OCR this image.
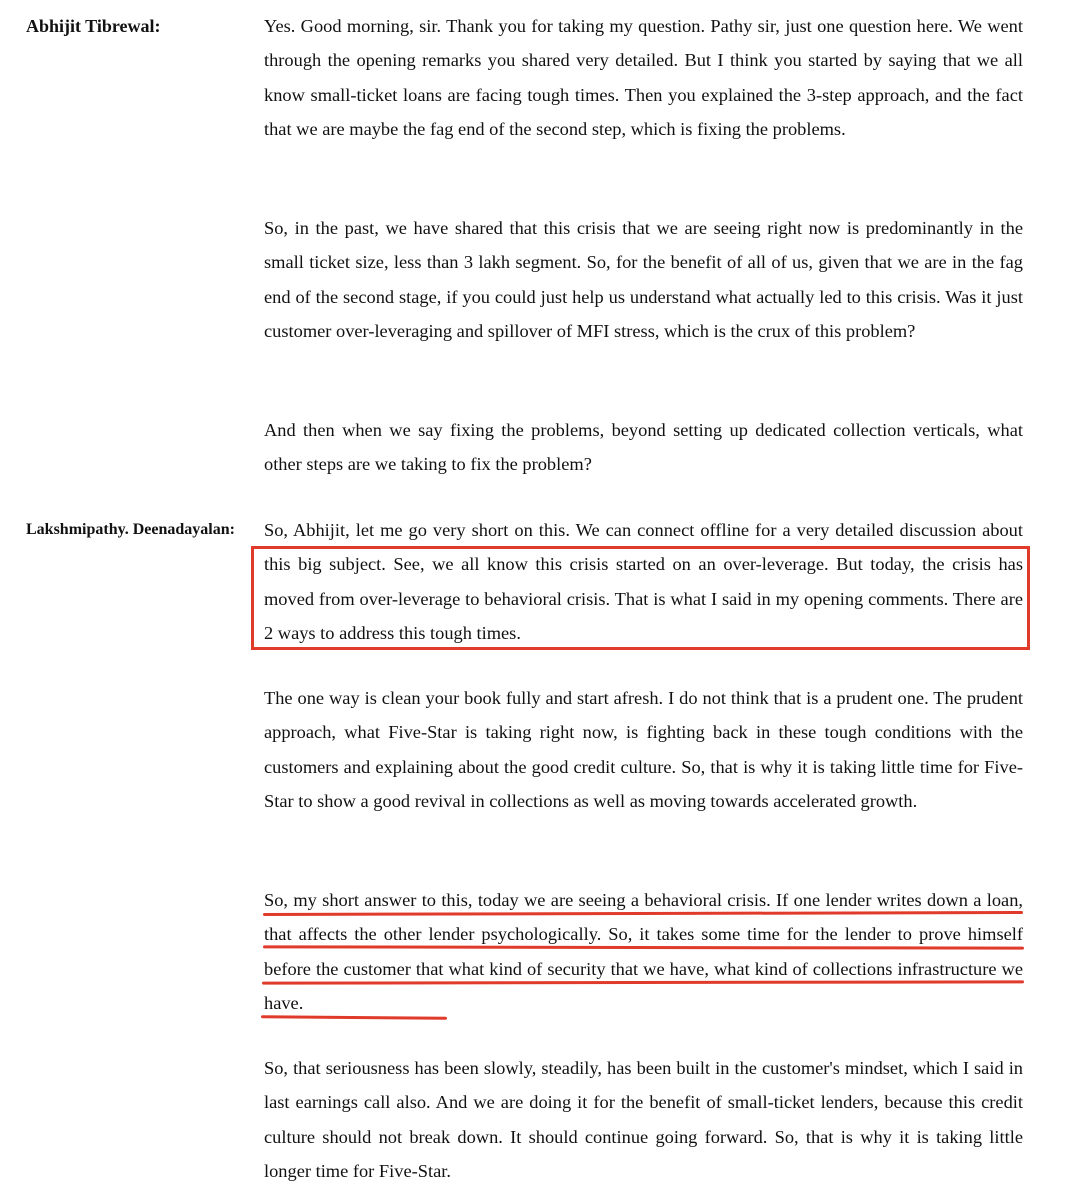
Abhijit Tibrewal:	Yes. Good morning, sir. Thank you for taking my question. Pathy sir, just one question here. We went through the opening remarks you shared very detailed. But I think you started by saying that we all know small-ticket loans are facing tough times. Then you explained the 3-step approach, and the fact that we are maybe the fag end of the second step, which is fixing the problems.

So, in the past, we have shared that this crisis that we are seeing right now is predominantly in the small ticket size, less than 3 lakh segment. So, for the benefit of all of us, given that we are in the fag end of the second stage, if you could just help us understand what actually led to this crisis. Was it just customer over-leveraging and spillover of MFI stress, which is the crux of this problem?

And then when we say fixing the problems, beyond setting up dedicated collection verticals, what other steps are we taking to fix the problem?

Lakshmipathy. Deenadayalan: So, Abhijit, let me go very short on this. We can connect offline for a very detailed discussion about this big subject. See, we all know this crisis started on an over-leverage. But today, the crisis has moved from over-leverage to behavioral crisis. That is what I said in my opening comments. There are 2 ways to address this tough times.

The one way is clean your book fully and start afresh. I do not think that is a prudent one. The prudent approach, what Five-Star is taking right now, is fighting back in these tough conditions with the customers and explaining about the good credit culture. So, that is why it is taking little time for Five-Star to show a good revival in collections as well as moving towards accelerated growth.

So, my short answer to this, today we are seeing a behavioral crisis. If one lender writes down a loan, that affects the other lender psychologically. So, it takes some time for the lender to prove himself before the customer that what kind of security that we have, what kind of collections infrastructure we have.

So, that seriousness has been slowly, steadily, has been built in the customer's mindset, which I said in last earnings call also. And we are doing it for the benefit of small-ticket lenders, because this credit culture should not break down. It should continue going forward. So, that is why it is taking little longer time for Five-Star.
